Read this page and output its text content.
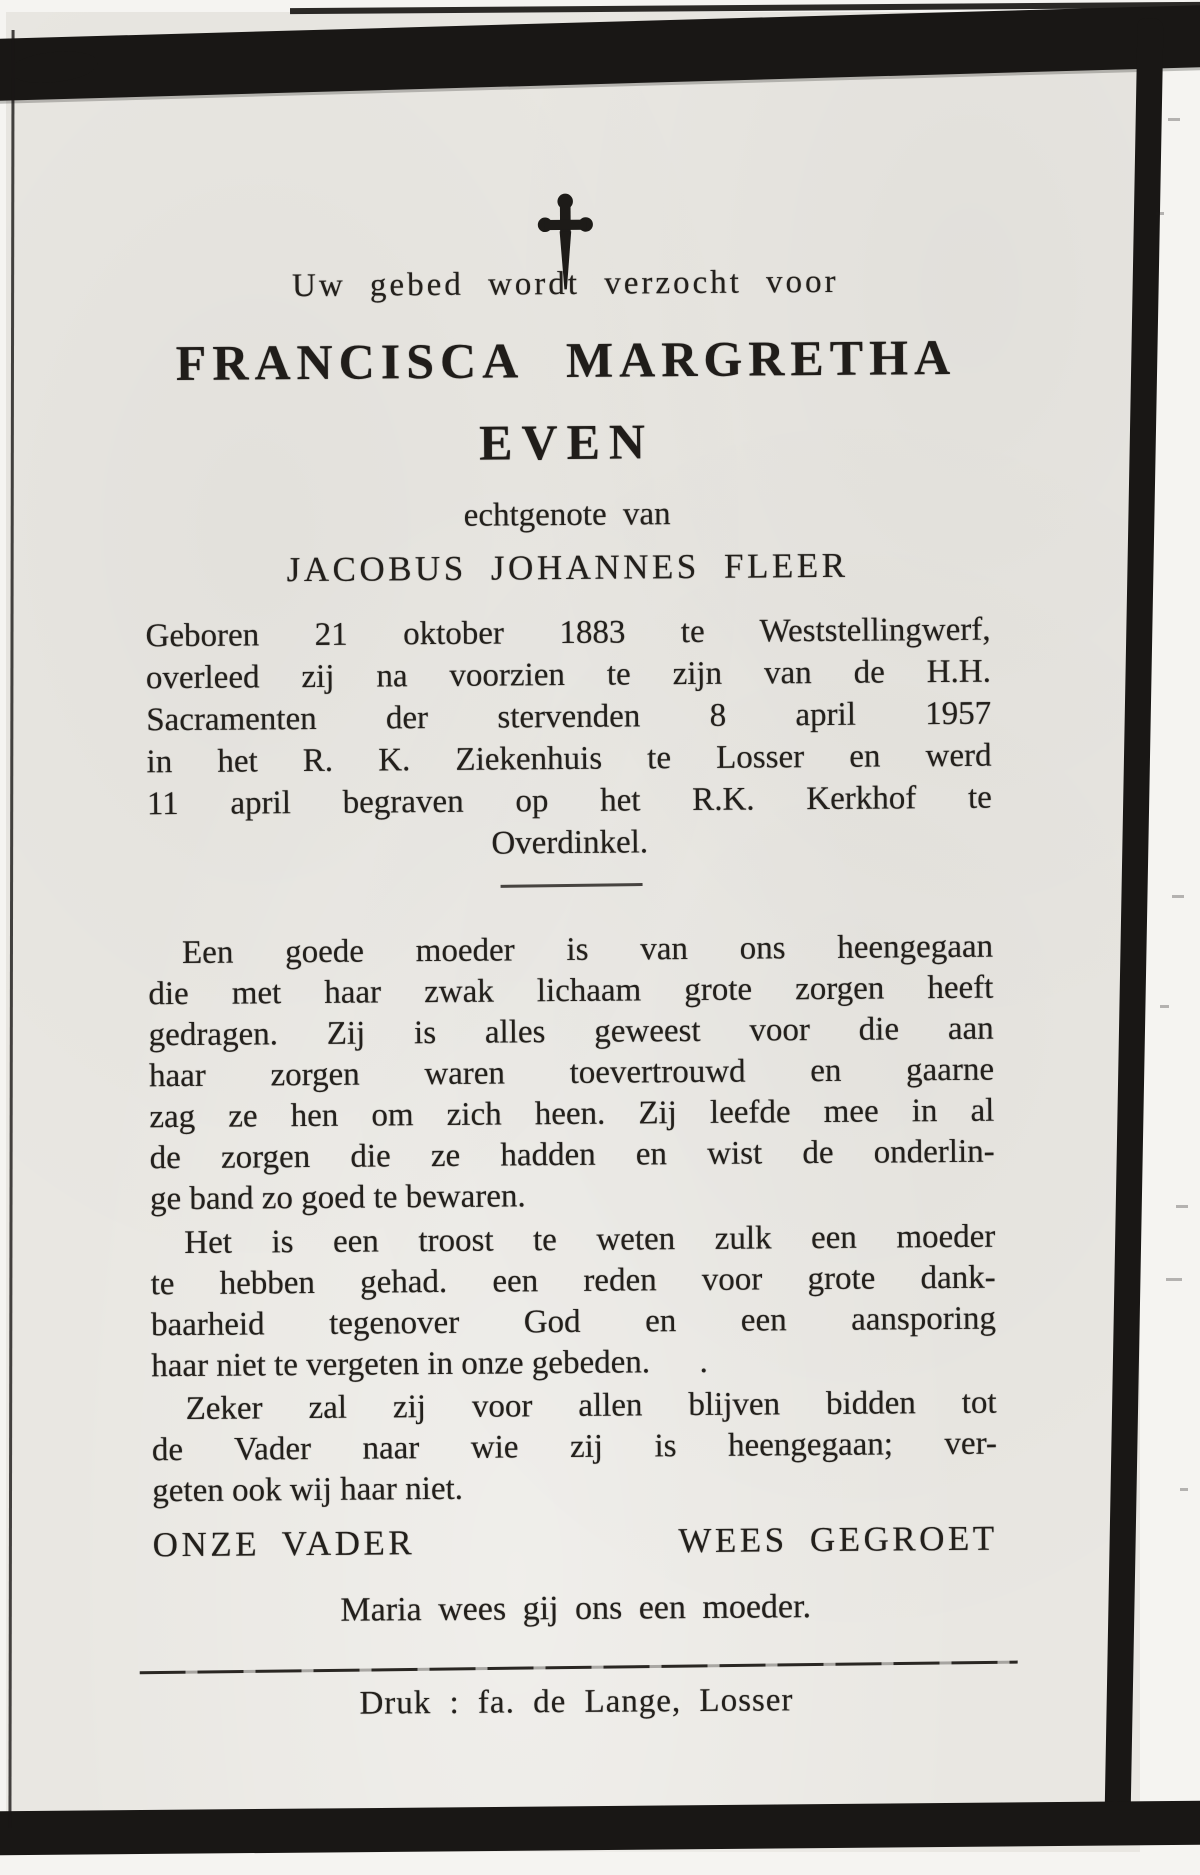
Uw gebed wordt verzocht voor
FRANCISCA MARGRETHA
EVEN
echtgenote van
JACOBUS JOHANNES FLEER
Geboren 21 oktober 1883 te Weststellingwerf,
overleed zij na voorzien te zijn van de H.H.
Sacramenten der stervenden 8 april 1957
in het R. K. Ziekenhuis te Losser en werd
11 april begraven op het R.K. Kerkhof te
Overdinkel.
Een goede moeder is van ons heengegaan
die met haar zwak lichaam grote zorgen heeft
gedragen. Zij is alles geweest voor die aan
haar zorgen waren toevertrouwd en gaarne
zag ze hen om zich heen. Zij leefde mee in al
de zorgen die ze hadden en wist de onderlin-
ge band zo goed te bewaren.
Het is een troost te weten zulk een moeder
te hebben gehad. een reden voor grote dank-
baarheid tegenover God en een aansporing
haar niet te vergeten in onze gebeden.      .
Zeker zal zij voor allen blijven bidden tot
de Vader naar wie zij is heengegaan; ver-
geten ook wij haar niet.
ONZE VADER	WEES GEGROET
Maria wees gij ons een moeder.
Druk : fa. de Lange, Losser
